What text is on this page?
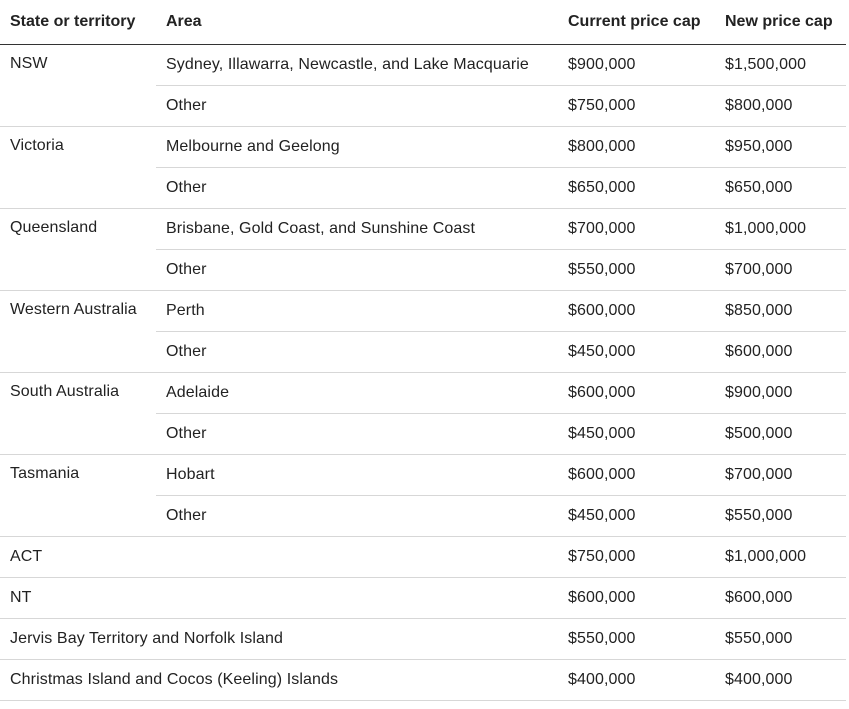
State or territory	Area	Current price cap	New price cap
NSW	Sydney, Illawarra, Newcastle, and Lake Macquarie	$900,000	$1,500,000
	Other	$750,000	$800,000
Victoria	Melbourne and Geelong	$800,000	$950,000
	Other	$650,000	$650,000
Queensland	Brisbane, Gold Coast, and Sunshine Coast	$700,000	$1,000,000
	Other	$550,000	$700,000
Western Australia	Perth	$600,000	$850,000
	Other	$450,000	$600,000
South Australia	Adelaide	$600,000	$900,000
	Other	$450,000	$500,000
Tasmania	Hobart	$600,000	$700,000
	Other	$450,000	$550,000
ACT		$750,000	$1,000,000
NT		$600,000	$600,000
Jervis Bay Territory and Norfolk Island		$550,000	$550,000
Christmas Island and Cocos (Keeling) Islands		$400,000	$400,000
